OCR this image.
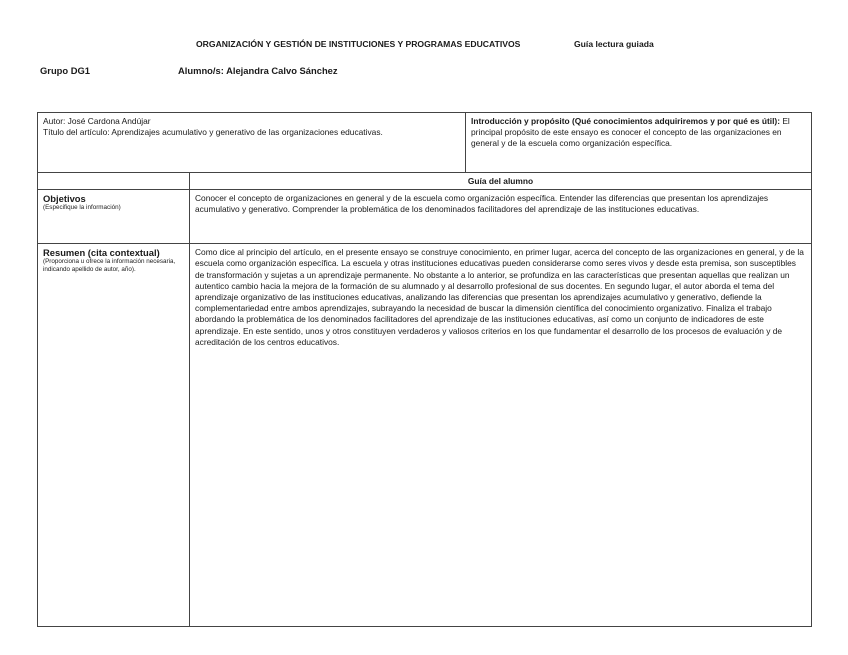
ORGANIZACIÓN Y GESTIÓN DE INSTITUCIONES Y PROGRAMAS EDUCATIVOS	Guía lectura guiada
Grupo DG1	Alumno/s: Alejandra Calvo Sánchez
Autor: José Cardona Andújar
Título del artículo: Aprendizajes acumulativo y generativo de las organizaciones educativas.		Introducción y propósito (Qué conocimientos adquiriremos y por qué es útil): El principal propósito de este ensayo es conocer el concepto de las organizaciones en general y de la escuela como organización específica.
	Guía del alumno	

Objetivos
(Especifique la información)	Conocer el concepto de organizaciones en general y de la escuela como organización específica. Entender las diferencias que presentan los aprendizajes acumulativo y generativo. Comprender la problemática de los denominados facilitadores del aprendizaje de las instituciones educativas.	

Resumen (cita contextual)
(Proporciona u ofrece la información necesaria, indicando apellido de autor, año).	Como dice al principio del artículo, en el presente ensayo se construye conocimiento, en primer lugar, acerca del concepto de las organizaciones en general, y de la escuela como organización específica. La escuela y otras instituciones educativas pueden considerarse como seres vivos y desde esta premisa, son susceptibles de transformación y sujetas a un aprendizaje permanente. No obstante a lo anterior, se profundiza en las características que presentan aquellas que realizan un autentico cambio hacia la mejora de la formación de su alumnado y al desarrollo profesional de sus docentes. En segundo lugar, el autor aborda el tema del aprendizaje organizativo de las instituciones educativas, analizando las diferencias que presentan los aprendizajes acumulativo y generativo, defiende la complementariedad entre ambos aprendizajes, subrayando la necesidad de buscar la dimensión científica del conocimiento organizativo. Finaliza el trabajo abordando la problemática de los denominados facilitadores del aprendizaje de las instituciones educativas, así como un conjunto de indicadores de este aprendizaje. En este sentido, unos y otros constituyen verdaderos y valiosos criterios en los que fundamentar el desarrollo de los procesos de evaluación y de acreditación de los centros educativos.	
